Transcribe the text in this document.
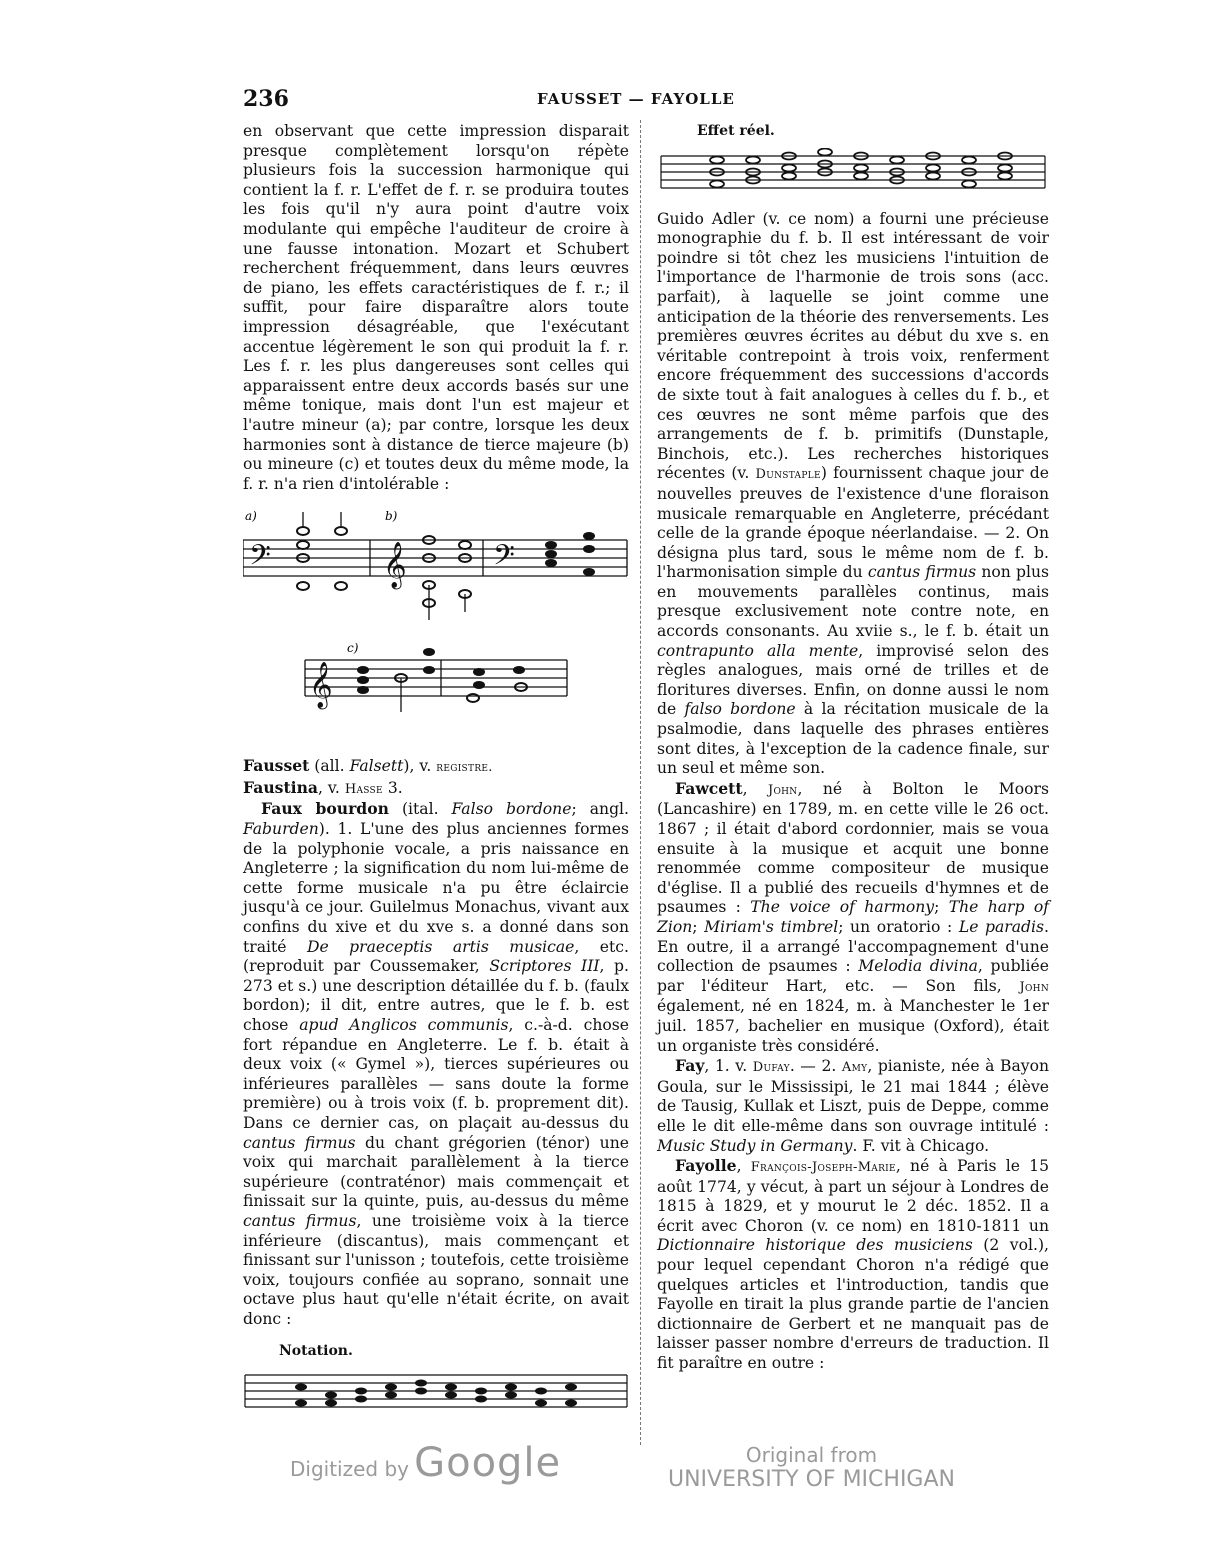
236	FAUSSET — FAYOLLE

en observant que cette impression disparait presque complètement lorsqu'on répète plusieurs fois la succession harmonique qui contient la f. r. L'effet de f. r. se produira toutes les fois qu'il n'y aura point d'autre voix modulante qui empêche l'auditeur de croire à une fausse intonation. Mozart et Schubert recherchent fréquemment, dans leurs œuvres de piano, les effets caractéristiques de f. r.; il suffit, pour faire disparaître alors toute impression désagréable, que l'exécutant accentue légèrement le son qui produit la f. r. Les f. r. les plus dangereuses sont celles qui apparaissent entre deux accords basés sur une même tonique, mais dont l'un est majeur et l'autre mineur (a); par contre, lorsque les deux harmonies sont à distance de tierce majeure (b) ou mineure (c) et toutes deux du même mode, la f. r. n'a rien d'intolérable :

𝄢	𝄞	𝄢
𝄞
a)	b)
c)

Fausset (all. Falsett), v. registre.

Faustina, v. Hasse 3.

Faux bourdon (ital. Falso bordone; angl. Faburden). 1. L'une des plus anciennes formes de la polyphonie vocale, a pris naissance en Angleterre ; la signification du nom lui-même de cette forme musicale n'a pu être éclaircie jusqu'à ce jour. Guilelmus Monachus, vivant aux confins du xive et du xve s. a donné dans son traité De praeceptis artis musicae, etc. (reproduit par Coussemaker, Scriptores III, p. 273 et s.) une description détaillée du f. b. (faulx bordon); il dit, entre autres, que le f. b. est chose apud Anglicos communis, c.-à-d. chose fort répandue en Angleterre. Le f. b. était à deux voix (« Gymel »), tierces supérieures ou inférieures parallèles — sans doute la forme première) ou à trois voix (f. b. proprement dit). Dans ce dernier cas, on plaçait au-dessus du cantus firmus du chant grégorien (ténor) une voix qui marchait parallèlement à la tierce supérieure (contraténor) mais commençait et finissait sur la quinte, puis, au-dessus du même cantus firmus, une troisième voix à la tierce inférieure (discantus), mais commençant et finissant sur l'unisson ; toutefois, cette troisième voix, toujours confiée au soprano, sonnait une octave plus haut qu'elle n'était écrite, on avait donc :

Notation.

Effet réel.

Guido Adler (v. ce nom) a fourni une précieuse monographie du f. b. Il est intéressant de voir poindre si tôt chez les musiciens l'intuition de l'importance de l'harmonie de trois sons (acc. parfait), à laquelle se joint comme une anticipation de la théorie des renversements. Les premières œuvres écrites au début du xve s. en véritable contrepoint à trois voix, renferment encore fréquemment des successions d'accords de sixte tout à fait analogues à celles du f. b., et ces œuvres ne sont même parfois que des arrangements de f. b. primitifs (Dunstaple, Binchois, etc.). Les recherches historiques récentes (v. Dunstaple) fournissent chaque jour de nouvelles preuves de l'existence d'une floraison musicale remarquable en Angleterre, précédant celle de la grande époque néerlandaise. — 2. On désigna plus tard, sous le même nom de f. b. l'harmonisation simple du cantus firmus non plus en mouvements parallèles continus, mais presque exclusivement note contre note, en accords consonants. Au xviie s., le f. b. était un contrapunto alla mente, improvisé selon des règles analogues, mais orné de trilles et de floritures diverses. Enfin, on donne aussi le nom de falso bordone à la récitation musicale de la psalmodie, dans laquelle des phrases entières sont dites, à l'exception de la cadence finale, sur un seul et même son.

Fawcett, John, né à Bolton le Moors (Lancashire) en 1789, m. en cette ville le 26 oct. 1867 ; il était d'abord cordonnier, mais se voua ensuite à la musique et acquit une bonne renommée comme compositeur de musique d'église. Il a publié des recueils d'hymnes et de psaumes : The voice of harmony; The harp of Zion; Miriam's timbrel; un oratorio : Le paradis. En outre, il a arrangé l'accompagnement d'une collection de psaumes : Melodia divina, publiée par l'éditeur Hart, etc. — Son fils, John également, né en 1824, m. à Manchester le 1er juil. 1857, bachelier en musique (Oxford), était un organiste très considéré.

Fay, 1. v. Dufay. — 2. Amy, pianiste, née à Bayon Goula, sur le Mississipi, le 21 mai 1844 ; élève de Tausig, Kullak et Liszt, puis de Deppe, comme elle le dit elle-même dans son ouvrage intitulé : Music Study in Germany. F. vit à Chicago.

Fayolle, François-Joseph-Marie, né à Paris le 15 août 1774, y vécut, à part un séjour à Londres de 1815 à 1829, et y mourut le 2 déc. 1852. Il a écrit avec Choron (v. ce nom) en 1810-1811 un Dictionnaire historique des musiciens (2 vol.), pour lequel cependant Choron n'a rédigé que quelques articles et l'introduction, tandis que Fayolle en tirait la plus grande partie de l'ancien dictionnaire de Gerbert et ne manquait pas de laisser passer nombre d'erreurs de traduction. Il fit paraître en outre :

Digitized by Google	Original from
UNIVERSITY OF MICHIGAN
